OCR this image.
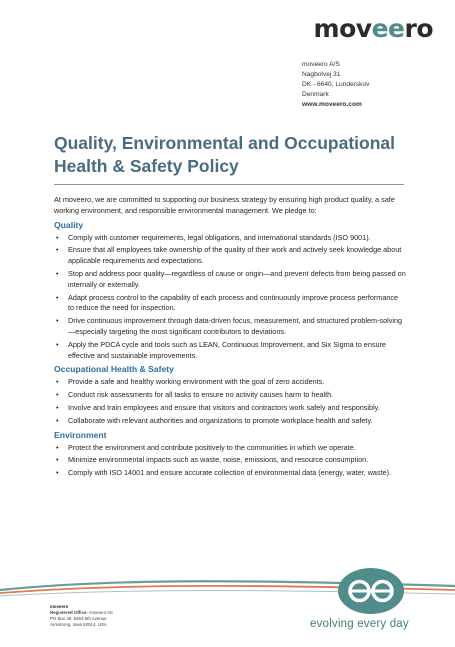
moveero
moveero A/S
Nagbolvej 31
DK - 6640, Lunderskov
Denmark
www.moveero.com
Quality, Environmental and Occupational Health & Safety Policy

At moveero, we are committed to supporting our business strategy by ensuring high product quality, a safe working environment, and responsible environmental management. We pledge to:

Quality
• Comply with customer requirements, legal obligations, and international standards (ISO 9001).
• Ensure that all employees take ownership of the quality of their work and actively seek knowledge about applicable requirements and expectations.
• Stop and address poor quality—regardless of cause or origin—and prevent defects from being passed on internally or externally.
• Adapt process control to the capability of each process and continuously improve process performance to reduce the need for inspection.
• Drive continuous improvement through data-driven focus, measurement, and structured problem-solving—especially targeting the most significant contributors to deviations.
• Apply the PDCA cycle and tools such as LEAN, Continuous Improvement, and Six Sigma to ensure effective and sustainable improvements.
Occupational Health & Safety
• Provide a safe and healthy working environment with the goal of zero accidents.
• Conduct risk assessments for all tasks to ensure no activity causes harm to health.
• Involve and train employees and ensure that visitors and contractors work safely and responsibly.
• Collaborate with relevant authorities and organizations to promote workplace health and safety.
Environment
• Protect the environment and contribute positively to the communities in which we operate.
• Minimize environmental impacts such as waste, noise, emissions, and resource consumption.
• Comply with ISO 14001 and ensure accurate collection of environmental data (energy, water, waste).
moveero
Registered Office: moveero Inc
PO Box 48, 5453 6th Avenue
Armstrong, Iowa 50514, USA	evolving every day
